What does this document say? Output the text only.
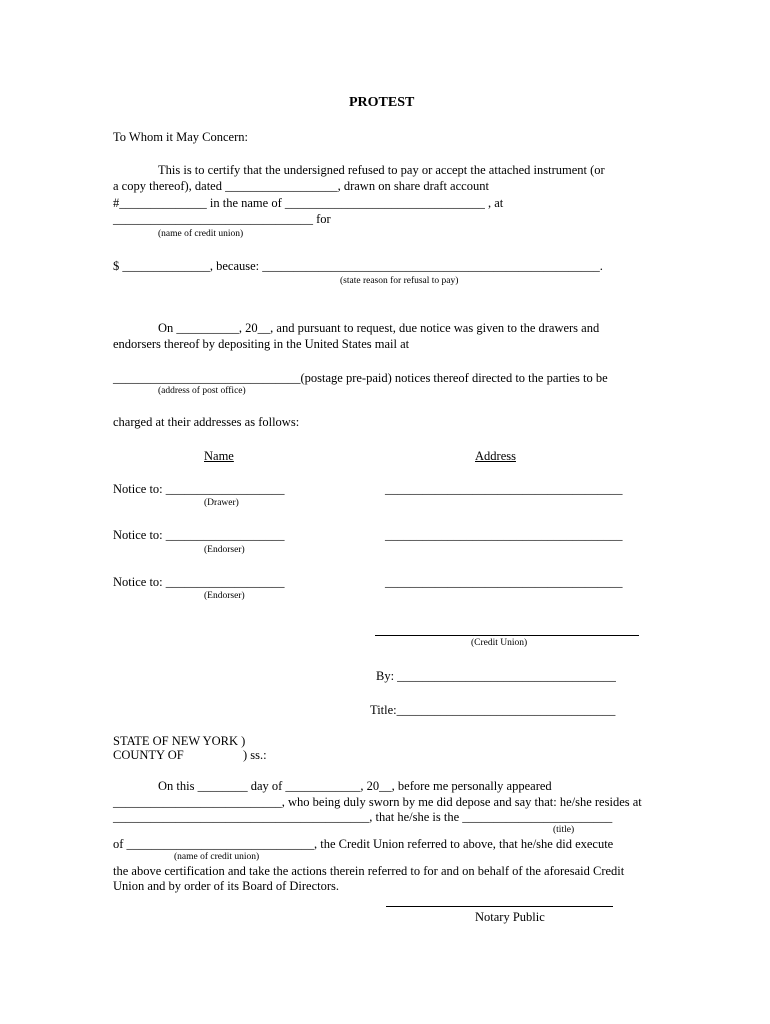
PROTEST
To Whom it May Concern:
This is to certify that the undersigned refused to pay or accept the attached instrument (or
a copy thereof), dated __________________, drawn on share draft account
#______________ in the name of ________________________________ , at
________________________________ for
(name of credit union)
$ ______________, because: ______________________________________________________.
(state reason for refusal to pay)
On __________, 20__, and pursuant to request, due notice was given to the drawers and
endorsers thereof by depositing in the United States mail at
______________________________(postage pre-paid) notices thereof directed to the parties to be
(address of post office)
charged at their addresses as follows:
Name	Address
Notice to: ___________________	______________________________________
(Drawer)
Notice to: ___________________	______________________________________
(Endorser)
Notice to: ___________________	______________________________________
(Endorser)
(Credit Union)
By: ___________________________________
Title:___________________________________
STATE OF NEW YORK )
COUNTY OF	) ss.:
On this ________ day of ____________, 20__, before me personally appeared
___________________________, who being duly sworn by me did depose and say that: he/she resides at
_________________________________________, that he/she is the ________________________
(title)
of ______________________________, the Credit Union referred to above, that he/she did execute
(name of credit union)
the above certification and take the actions therein referred to for and on behalf of the aforesaid Credit
Union and by order of its Board of Directors.
Notary Public
